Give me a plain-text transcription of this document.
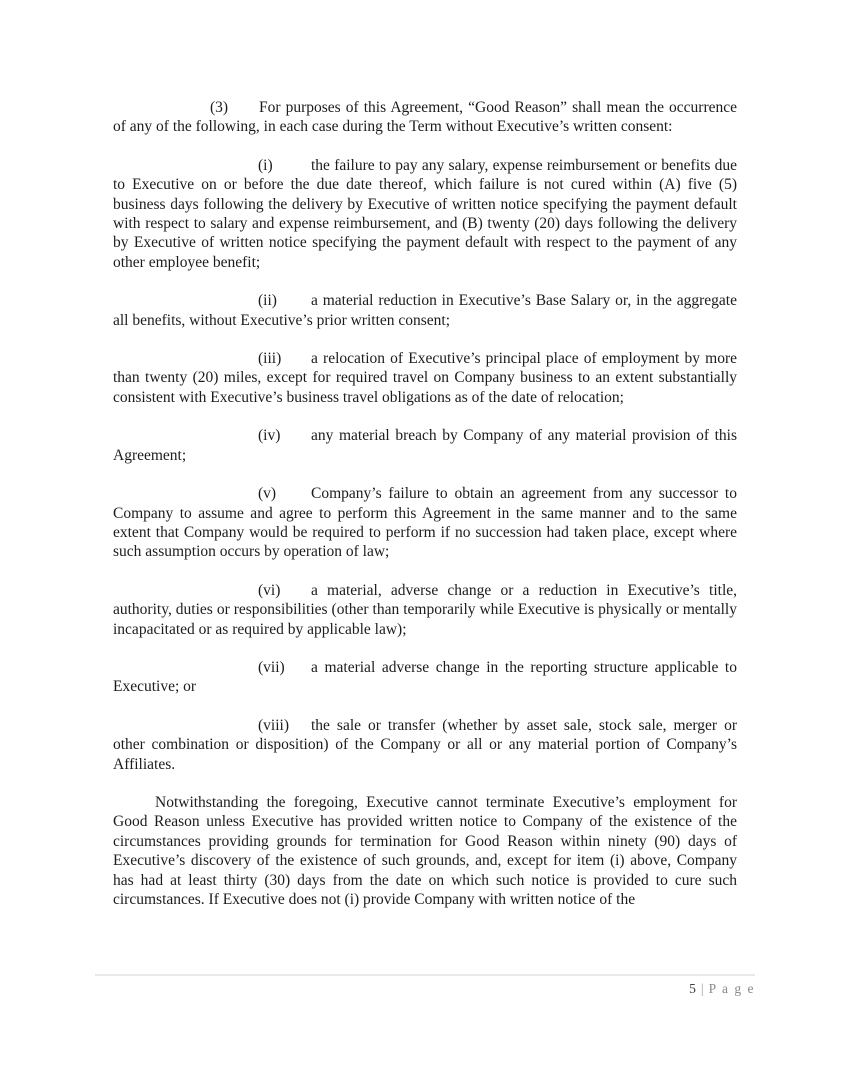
(3) For purposes of this Agreement, “Good Reason” shall mean the occurrence of any of the following, in each case during the Term without Executive’s written consent:

(i) the failure to pay any salary, expense reimbursement or benefits due to Executive on or before the due date thereof, which failure is not cured within (A) five (5) business days following the delivery by Executive of written notice specifying the payment default with respect to salary and expense reimbursement, and (B) twenty (20) days following the delivery by Executive of written notice specifying the payment default with respect to the payment of any other employee benefit;

(ii) a material reduction in Executive’s Base Salary or, in the aggregate all benefits, without Executive’s prior written consent;

(iii) a relocation of Executive’s principal place of employment by more than twenty (20) miles, except for required travel on Company business to an extent substantially consistent with Executive’s business travel obligations as of the date of relocation;

(iv) any material breach by Company of any material provision of this Agreement;

(v) Company’s failure to obtain an agreement from any successor to Company to assume and agree to perform this Agreement in the same manner and to the same extent that Company would be required to perform if no succession had taken place, except where such assumption occurs by operation of law;

(vi) a material, adverse change or a reduction in Executive’s title, authority, duties or responsibilities (other than temporarily while Executive is physically or mentally incapacitated or as required by applicable law);

(vii) a material adverse change in the reporting structure applicable to Executive; or

(viii) the sale or transfer (whether by asset sale, stock sale, merger or other combination or disposition) of the Company or all or any material portion of Company’s Affiliates.

Notwithstanding the foregoing, Executive cannot terminate Executive’s employment for Good Reason unless Executive has provided written notice to Company of the existence of the circumstances providing grounds for termination for Good Reason within ninety (90) days of Executive’s discovery of the existence of such grounds, and, except for item (i) above, Company has had at least thirty (30) days from the date on which such notice is provided to cure such circumstances. If Executive does not (i) provide Company with written notice of the

5 | P a g e
